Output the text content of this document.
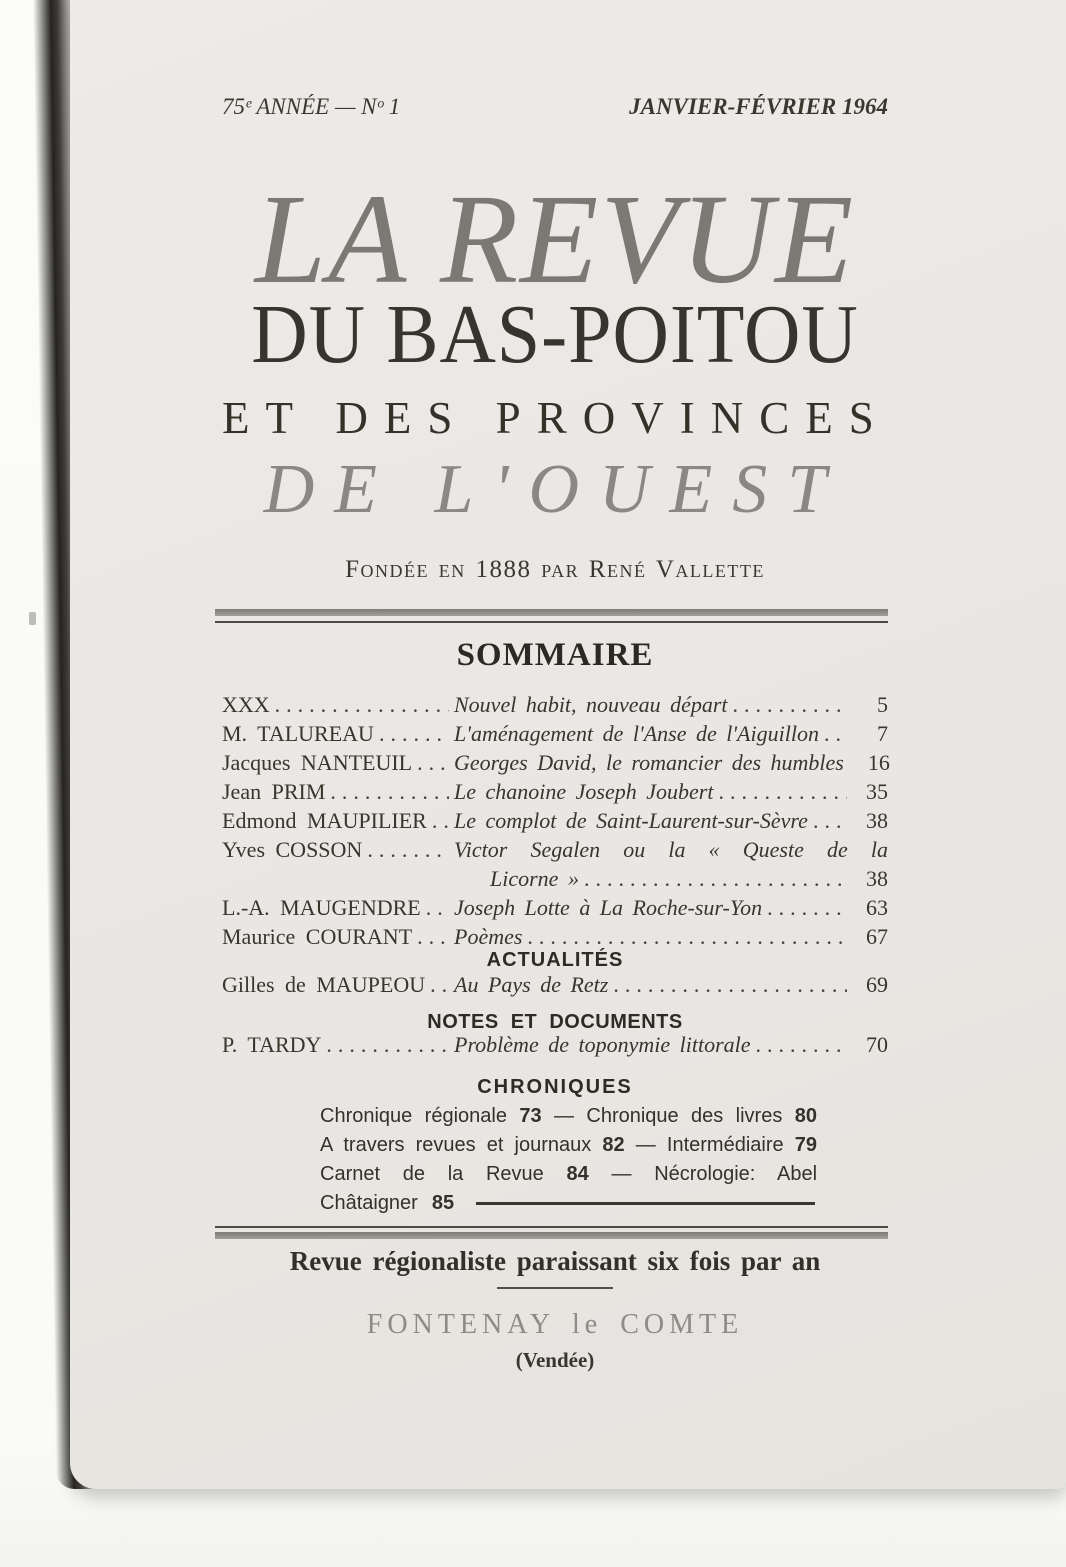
75ᵉ ANNÉE — Nᵒ 1	JANVIER-FÉVRIER 1964
LA REVUE
DU BAS-POITOU
ET DES PROVINCES
DE L'OUEST
Fondée en 1888 par René Vallette
SOMMAIRE
XXX .....	Nouvel habit, nouveau départ .....	5
M. TALUREAU .....	L'aménagement de l'Anse de l'Aiguillon .....	7
Jacques NANTEUIL ..... Georges David, le romancier des humbles	16
Jean PRIM .....	Le chanoine Joseph Joubert .....	35
Edmond MAUPILIER ..... Le complot de Saint-Laurent-sur-Sèvre .....	38
Yves COSSON .....	Victor Segalen ou la « Queste de la
Licorne » .....	38
L.-A. MAUGENDRE ..... Joseph Lotte à La Roche-sur-Yon .....	63
Maurice COURANT ..... Poèmes .....	67
ACTUALITÉS
Gilles de MAUPEOU ..... Au Pays de Retz .....	69
NOTES ET DOCUMENTS
P. TARDY .....	Problème de toponymie littorale .....	70
CHRONIQUES
Chronique régionale 73 — Chronique des livres 80
A travers revues et journaux 82 — Intermédiaire 79
Carnet de la Revue 84 — Nécrologie: Abel
Châtaigner 85
Revue régionaliste paraissant six fois par an
FONTENAY le COMTE
(Vendée)
